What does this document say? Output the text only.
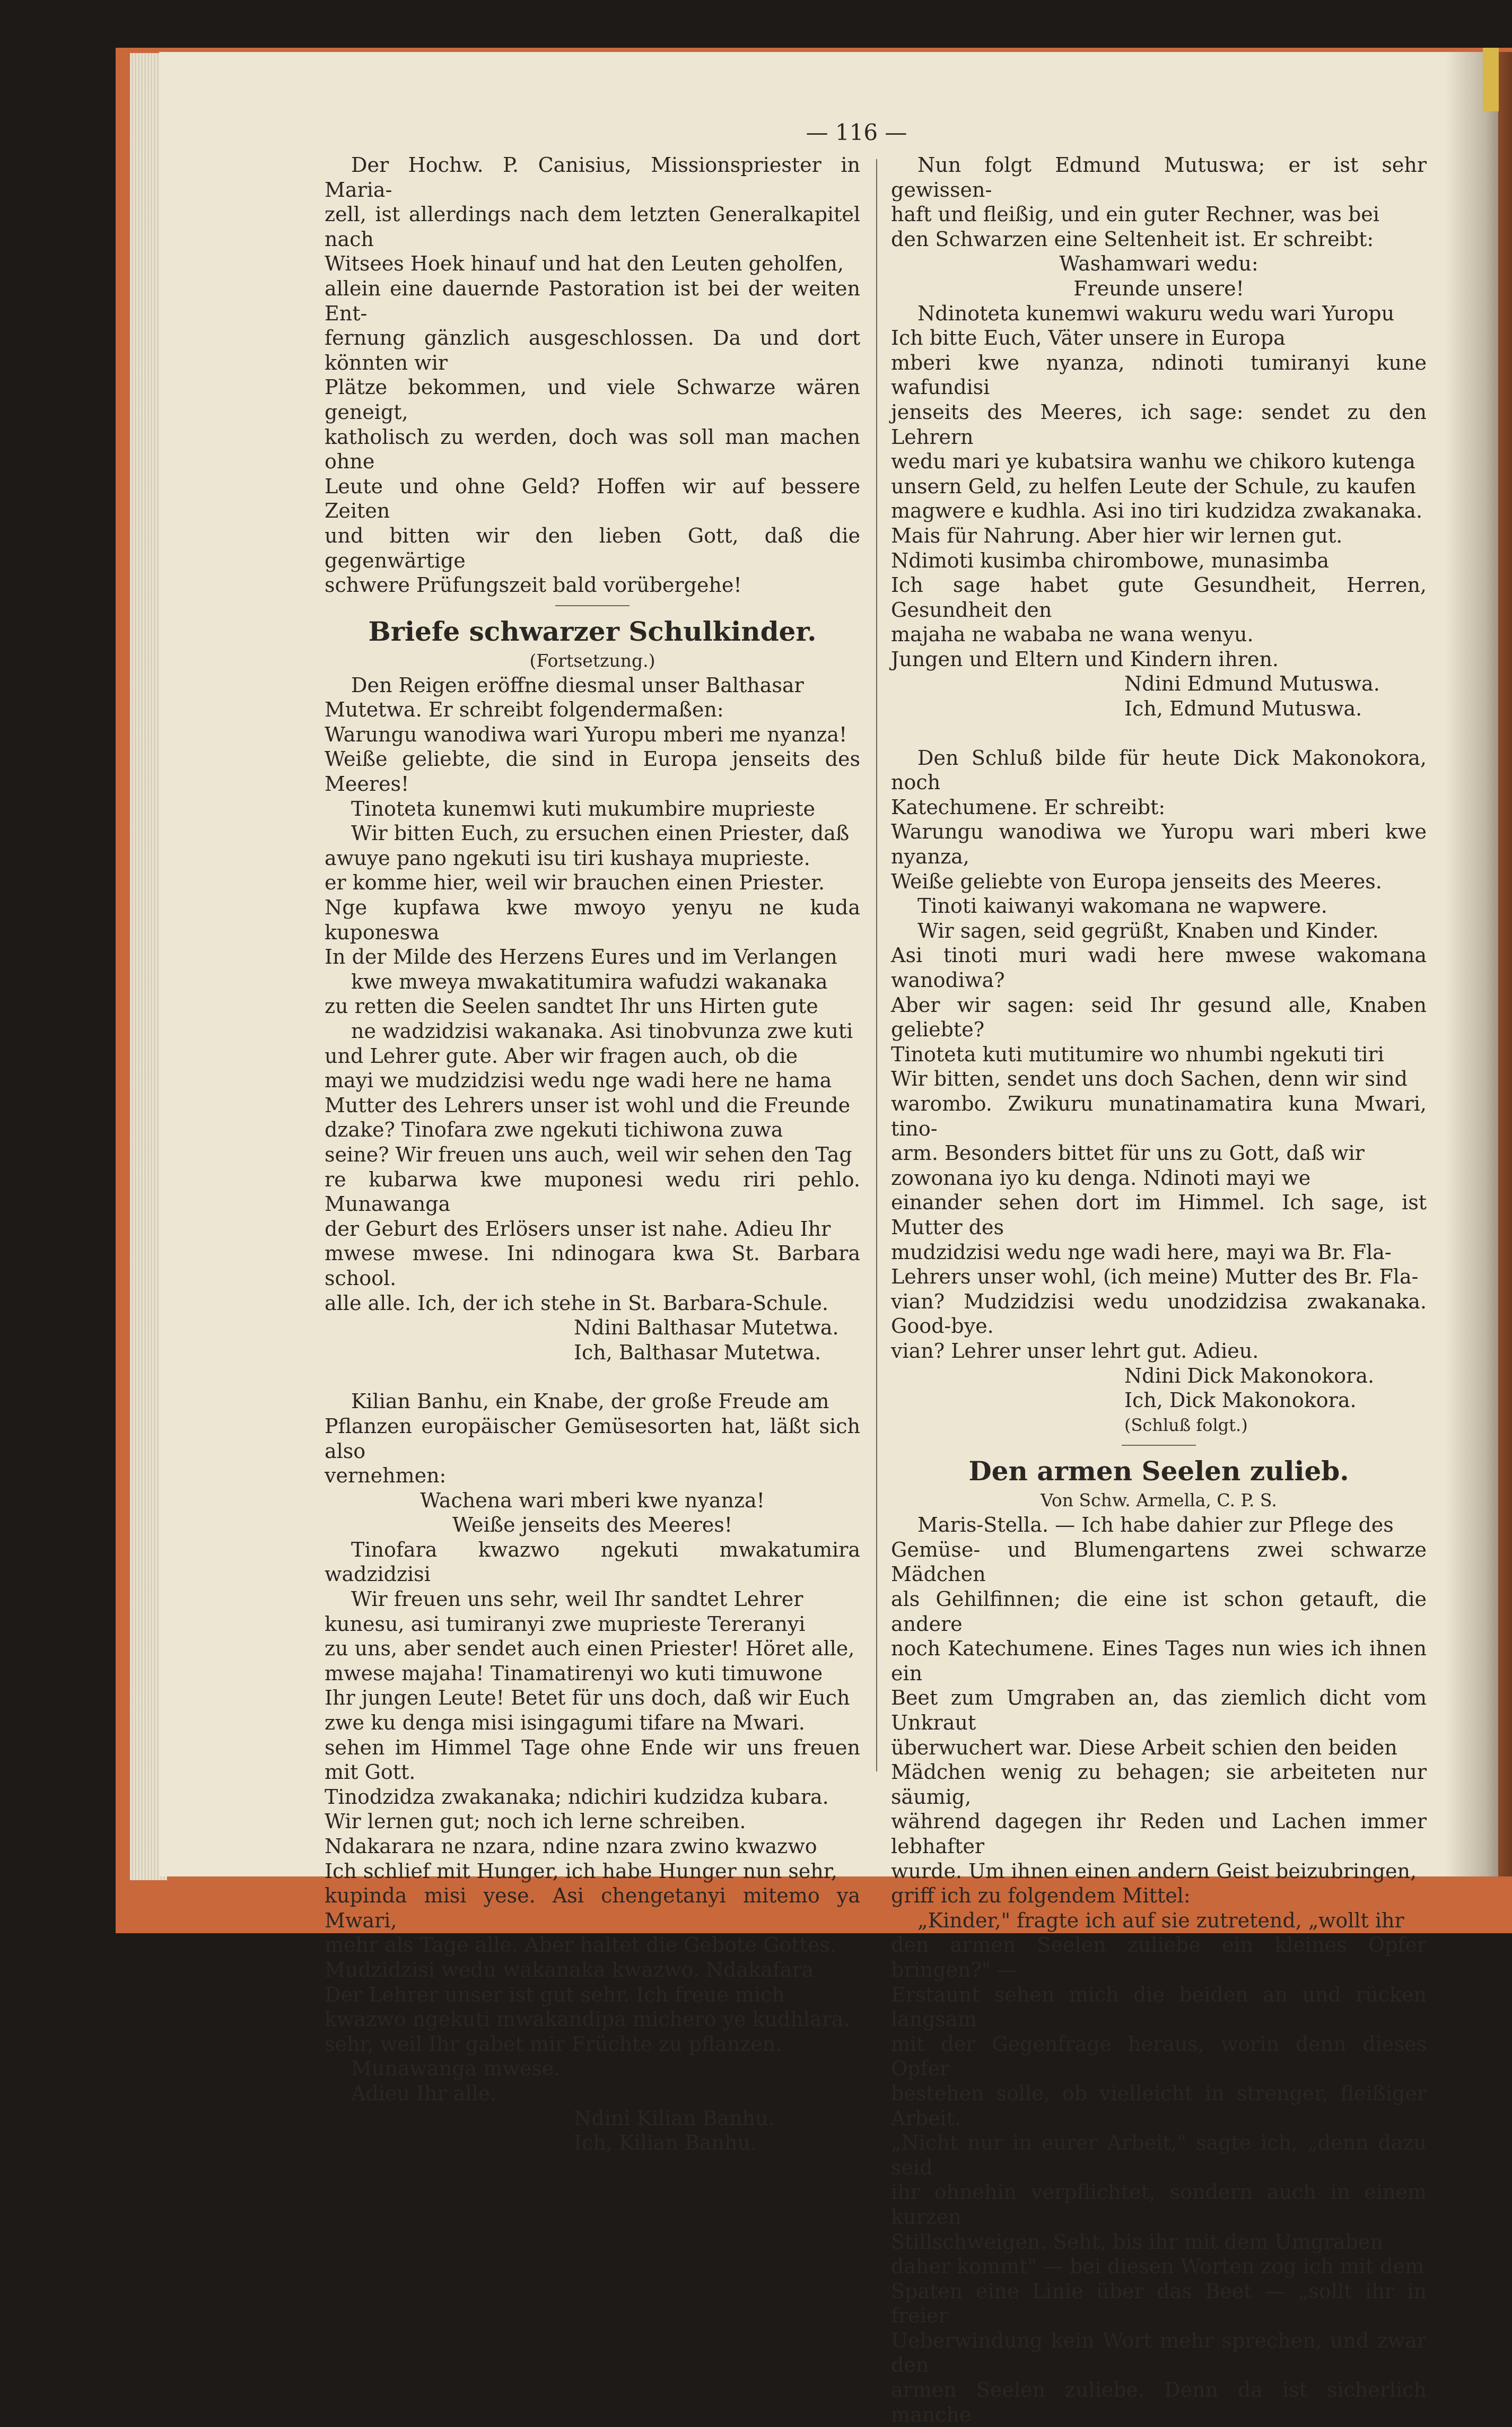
— 116 —

Der Hochw. P. Canisius, Missionspriester in Maria-

zell, ist allerdings nach dem letzten Generalkapitel nach

Witsees Hoek hinauf und hat den Leuten geholfen,

allein eine dauernde Pastoration ist bei der weiten Ent-

fernung gänzlich ausgeschlossen. Da und dort könnten wir

Plätze bekommen, und viele Schwarze wären geneigt,

katholisch zu werden, doch was soll man machen ohne

Leute und ohne Geld? Hoffen wir auf bessere Zeiten

und bitten wir den lieben Gott, daß die gegenwärtige

schwere Prüfungszeit bald vorübergehe!

Briefe schwarzer Schulkinder.

(Fortsetzung.)

Den Reigen eröffne diesmal unser Balthasar

Mutetwa. Er schreibt folgendermaßen:

Warungu wanodiwa wari Yuropu mberi me nyanza!

Weiße geliebte, die sind in Europa jenseits des Meeres!

Tinoteta kunemwi kuti mukumbire muprieste

Wir bitten Euch, zu ersuchen einen Priester, daß

awuye pano ngekuti isu tiri kushaya muprieste.

er komme hier, weil wir brauchen einen Priester.

Nge kupfawa kwe mwoyo yenyu ne kuda kuponeswa

In der Milde des Herzens Eures und im Verlangen

kwe mweya mwakatitumira wafudzi wakanaka

zu retten die Seelen sandtet Ihr uns Hirten gute

ne wadzidzisi wakanaka. Asi tinobvunza zwe kuti

und Lehrer gute. Aber wir fragen auch, ob die

mayi we mudzidzisi wedu nge wadi here ne hama

Mutter des Lehrers unser ist wohl und die Freunde

dzake? Tinofara zwe ngekuti tichiwona zuwa

seine? Wir freuen uns auch, weil wir sehen den Tag

re kubarwa kwe muponesi wedu riri pehlo. Munawanga

der Geburt des Erlösers unser ist nahe. Adieu Ihr

mwese mwese. Ini ndinogara kwa St. Barbara school.

alle alle. Ich, der ich stehe in St. Barbara-Schule.

Ndini Balthasar Mutetwa.

Ich, Balthasar Mutetwa.

Kilian Banhu, ein Knabe, der große Freude am

Pflanzen europäischer Gemüsesorten hat, läßt sich also

vernehmen:

Wachena wari mberi kwe nyanza!

Weiße jenseits des Meeres!

Tinofara kwazwo ngekuti mwakatumira wadzidzisi

Wir freuen uns sehr, weil Ihr sandtet Lehrer

kunesu, asi tumiranyi zwe muprieste Tereranyi

zu uns, aber sendet auch einen Priester! Höret alle,

mwese majaha! Tinamatirenyi wo kuti timuwone

Ihr jungen Leute! Betet für uns doch, daß wir Euch

zwe ku denga misi isingagumi tifare na Mwari.

sehen im Himmel Tage ohne Ende wir uns freuen mit Gott.

Tinodzidza zwakanaka; ndichiri kudzidza kubara.

Wir lernen gut; noch ich lerne schreiben.

Ndakarara ne nzara, ndine nzara zwino kwazwo

Ich schlief mit Hunger, ich habe Hunger nun sehr,

kupinda misi yese. Asi chengetanyi mitemo ya Mwari,

mehr als Tage alle. Aber haltet die Gebote Gottes.

Mudzidzisi wedu wakanaka kwazwo. Ndakafara

Der Lehrer unser ist gut sehr. Ich freue mich

kwazwo ngekuti mwakandipa michero ye kudhlara.

sehr, weil Ihr gabet mir Früchte zu pflanzen.

Munawanga mwese.

Adieu Ihr alle.

Ndini Kilian Banhu.

Ich, Kilian Banhu.

Nun folgt Edmund Mutuswa; er ist sehr gewissen-

haft und fleißig, und ein guter Rechner, was bei

den Schwarzen eine Seltenheit ist. Er schreibt:

Washamwari wedu:

Freunde unsere!

Ndinoteta kunemwi wakuru wedu wari Yuropu

Ich bitte Euch, Väter unsere in Europa

mberi kwe nyanza, ndinoti tumiranyi kune wafundisi

jenseits des Meeres, ich sage: sendet zu den Lehrern

wedu mari ye kubatsira wanhu we chikoro kutenga

unsern Geld, zu helfen Leute der Schule, zu kaufen

magwere e kudhla. Asi ino tiri kudzidza zwakanaka.

Mais für Nahrung. Aber hier wir lernen gut.

Ndimoti kusimba chirombowe, munasimba

Ich sage habet gute Gesundheit, Herren, Gesundheit den

majaha ne wababa ne wana wenyu.

Jungen und Eltern und Kindern ihren.

Ndini Edmund Mutuswa.

Ich, Edmund Mutuswa.

Den Schluß bilde für heute Dick Makonokora, noch

Katechumene. Er schreibt:

Warungu wanodiwa we Yuropu wari mberi kwe nyanza,

Weiße geliebte von Europa jenseits des Meeres.

Tinoti kaiwanyi wakomana ne wapwere.

Wir sagen, seid gegrüßt, Knaben und Kinder.

Asi tinoti muri wadi here mwese wakomana wanodiwa?

Aber wir sagen: seid Ihr gesund alle, Knaben geliebte?

Tinoteta kuti mutitumire wo nhumbi ngekuti tiri

Wir bitten, sendet uns doch Sachen, denn wir sind

warombo. Zwikuru munatinamatira kuna Mwari, tino-

arm. Besonders bittet für uns zu Gott, daß wir

zowonana iyo ku denga. Ndinoti mayi we

einander sehen dort im Himmel. Ich sage, ist Mutter des

mudzidzisi wedu nge wadi here, mayi wa Br. Fla-

Lehrers unser wohl, (ich meine) Mutter des Br. Fla-

vian? Mudzidzisi wedu unodzidzisa zwakanaka. Good-bye.

vian? Lehrer unser lehrt gut. Adieu.

Ndini Dick Makonokora.

Ich, Dick Makonokora.

(Schluß folgt.)

Den armen Seelen zulieb.

Von Schw. Armella, C. P. S.

Maris-Stella. — Ich habe dahier zur Pflege des

Gemüse- und Blumengartens zwei schwarze Mädchen

als Gehilfinnen; die eine ist schon getauft, die andere

noch Katechumene. Eines Tages nun wies ich ihnen ein

Beet zum Umgraben an, das ziemlich dicht vom Unkraut

überwuchert war. Diese Arbeit schien den beiden

Mädchen wenig zu behagen; sie arbeiteten nur säumig,

während dagegen ihr Reden und Lachen immer lebhafter

wurde. Um ihnen einen andern Geist beizubringen,

griff ich zu folgendem Mittel:

„Kinder," fragte ich auf sie zutretend, „wollt ihr

den armen Seelen zuliebe ein kleines Opfer bringen?" —

Erstaunt sehen mich die beiden an und rücken langsam

mit der Gegenfrage heraus, worin denn dieses Opfer

bestehen solle, ob vielleicht in strenger, fleißiger Arbeit.

„Nicht nur in eurer Arbeit," sagte ich, „denn dazu seid

ihr ohnehin verpflichtet, sondern auch in einem kurzen

Stillschweigen. Seht, bis ihr mit dem Umgraben

daher kommt" — bei diesen Worten zog ich mit dem

Spaten eine Linie über das Beet — „sollt ihr in freier

Ueberwindung kein Wort mehr sprechen, und zwar den

armen Seelen zuliebe. Denn da ist sicherlich manche
